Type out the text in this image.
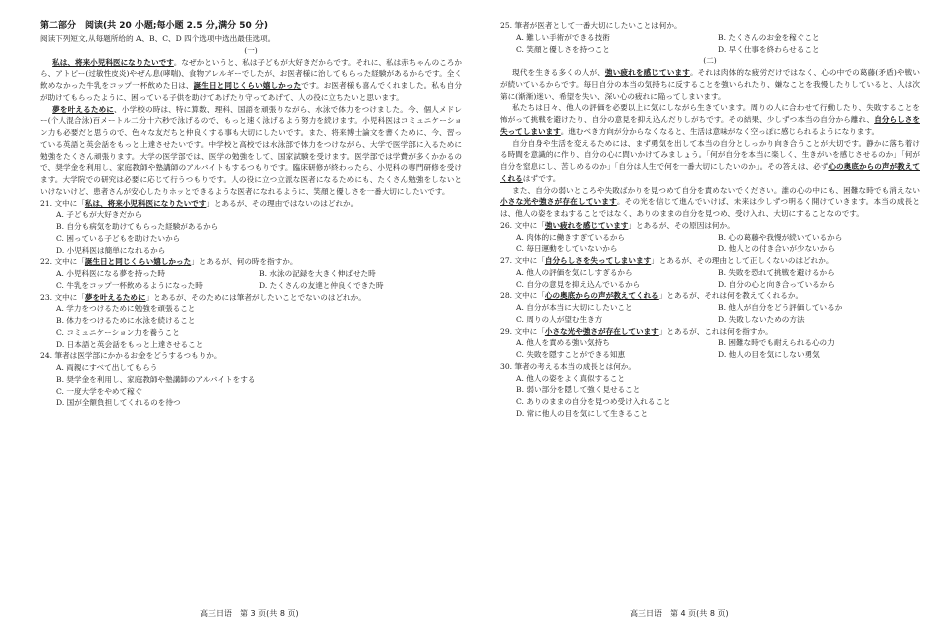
第二部分　阅读(共 20 小题;每小题 2.5 分,满分 50 分)

阅读下列短文,从每题所给的 A、B、C、D 四个选项中选出最佳选项。

(一)

私は、将来小児科医になりたいです。なぜかというと、私は子どもが大好きだからです。それに、私は赤ちゃんのころから、アトピー(过敏性皮炎)やぜん息(哮喘)、食物アレルギーでしたが、お医者様に治してもらった経験があるからです。全く飲めなかった牛乳をコップ一杯飲めた日は、誕生日と同じくらい嬉しかったです。お医者様も喜んでくれました。私も自分が助けてもらったように、困っている子供を助けてあげたり守ってあげて、人の役に立ちたいと思います。

夢を叶えるために、小学校の時は、特に算数、理科、国語を頑張りながら、水泳で体力をつけました。今、個人メドレー(个人混合泳)百メートル二分十六秒で泳げるので、もっと速く泳げるよう努力を続けます。小児科医はコミュニケーション力も必要だと思うので、色々な友だちと仲良くする事も大切にしたいです。また、将来博士論文を書くために、今、習っている英語と英会話をもっと上達させたいです。中学校と高校では水泳部で体力をつけながら、大学で医学部に入るために勉強をたくさん頑張ります。大学の医学部では、医学の勉強をして、国家試験を受けます。医学部では学費が多くかかるので、奨学金を利用し、家庭教師や塾講師のアルバイトもするつもりです。臨床研修が終わったら、小児科の専門研修を受けます。大学院での研究は必要に応じて行うつもりです。人の役に立つ立派な医者になるためにも、たくさん勉強をしないといけないけど、患者さんが安心したりホッとできるような医者になれるように、笑顔と優しさを一番大切にしたいです。

21. 文中に「私は、将来小児科医になりたいです」とあるが、その理由ではないのはどれか。

A. 子どもが大好きだから
B. 自分も病気を助けてもらった経験があるから
C. 困っている子どもを助けたいから
D. 小児科医は簡単になれるから

22. 文中に「誕生日と同じくらい嬉しかった」とあるが、何の時を指すか。

A. 小児科医になる夢を持った時	B. 水泳の記録を大きく伸ばせた時
C. 牛乳をコップ一杯飲めるようになった時	D. たくさんの友達と仲良くできた時

23. 文中に「夢を叶えるために」とあるが、そのためには筆者がしたいことでないのはどれか。

A. 学力をつけるために勉強を頑張ること
B. 体力をつけるために水泳を続けること
C. コミュニケーション力を養うこと
D. 日本語と英会話をもっと上達させること

24. 筆者は医学部にかかるお金をどうするつもりか。

A. 両親にすべて出してもらう
B. 奨学金を利用し、家庭教師や塾講師のアルバイトをする
C. 一度大学をやめて稼ぐ
D. 国が全額負担してくれるのを待つ

25. 筆者が医者として一番大切にしたいことは何か。

A. 難しい手術ができる技術	B. たくさんのお金を稼ぐこと
C. 笑顔と優しさを持つこと	D. 早く仕事を終わらせること
(二)

現代を生きる多くの人が、強い疲れを感じています。それは肉体的な疲労だけではなく、心の中での葛藤(矛盾)や戦いが続いているからです。毎日自分の本当の気持ちに反することを強いられたり、嫌なことを我慢したりしていると、人は次第に(渐渐)迷い、希望を失い、深い心の疲れに陥ってしまいます。

私たちは日々、他人の評価を必要以上に気にしながら生きています。周りの人に合わせて行動したり、失敗することを怖がって挑戦を避けたり、自分の意見を抑え込んだりしがちです。その結果、少しずつ本当の自分から離れ、自分らしさを失ってしまいます。進むべき方向が分からなくなると、生活は意味がなく空っぽに感じられるようになります。

自分自身や生活を変えるためには、まず勇気を出して本当の自分としっかり向き合うことが大切です。静かに落ち着ける時間を意識的に作り、自分の心に問いかけてみましょう。「何が自分を本当に楽しく、生きがいを感じさせるのか」「何が自分を窒息にし、苦しめるのか」「自分は人生で何を一番大切にしたいのか」。その答えは、必ず心の奥底からの声が教えてくれるはずです。

また、自分の弱いところや失敗ばかりを見つめて自分を責めないでください。誰の心の中にも、困難な時でも消えない小さな光や強さが存在しています。その光を信じて進んでいけば、未来は少しずつ明るく開けていきます。本当の成長とは、他人の姿をまねすることではなく、ありのままの自分を見つめ、受け入れ、大切にすることなのです。

26. 文中に「強い疲れを感じています」とあるが、その原因は何か。

A. 肉体的に働きすぎているから	B. 心の葛藤や我慢が続いているから
C. 毎日運動をしていないから	D. 他人との付き合いが少ないから

27. 文中に「自分らしさを失ってしまいます」とあるが、その理由として正しくないのはどれか。

A. 他人の評価を気にしすぎるから	B. 失敗を恐れて挑戦を避けるから
C. 自分の意見を抑え込んでいるから	D. 自分の心と向き合っているから

28. 文中に「心の奥底からの声が教えてくれる」とあるが、それは何を教えてくれるか。

A. 自分が本当に大切にしたいこと	B. 他人が自分をどう評価しているか
C. 周りの人が望む生き方	D. 失敗しないための方法

29. 文中に「小さな光や強さが存在しています」とあるが、これは何を指すか。

A. 他人を責める強い気持ち	B. 困難な時でも耐えられる心の力
C. 失敗を隠すことができる知恵	D. 他人の目を気にしない勇気

30. 筆者の考える本当の成長とは何か。

A. 他人の姿をよく真似すること
B. 弱い部分を隠して強く見せること
C. ありのままの自分を見つめ受け入れること
D. 常に他人の目を気にして生きること
高三日语　第 3 页(共 8 页)	高三日语　第 4 页(共 8 页)
